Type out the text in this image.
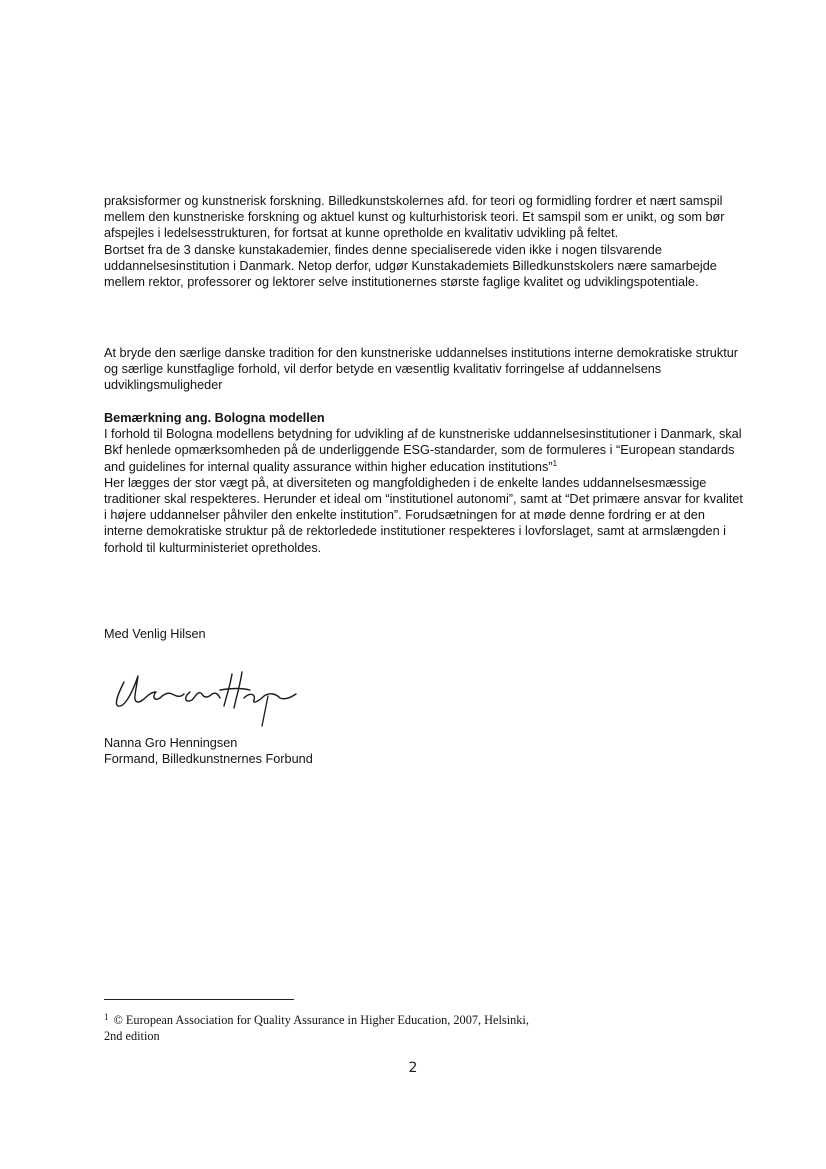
praksisformer og kunstnerisk forskning. Billedkunstskolernes afd. for teori og formidling fordrer et nært samspil mellem den kunstneriske forskning og aktuel kunst og kulturhistorisk teori. Et samspil som er unikt, og som bør afspejles i ledelsesstrukturen, for fortsat at kunne opretholde en kvalitativ udvikling på feltet.

Bortset fra de 3 danske kunstakademier, findes denne specialiserede viden ikke i nogen tilsvarende uddannelsesinstitution i Danmark. Netop derfor, udgør Kunstakademiets Billedkunstskolers nære samarbejde mellem rektor, professorer og lektorer selve institutionernes største faglige kvalitet og udviklingspotentiale.

At bryde den særlige danske tradition for den kunstneriske uddannelses institutions interne demokratiske struktur og særlige kunstfaglige forhold, vil derfor betyde en væsentlig kvalitativ forringelse af uddannelsens udviklingsmuligheder

Bemærkning ang. Bologna modellen

I forhold til Bologna modellens betydning for udvikling af de kunstneriske uddannelsesinstitutioner i Danmark, skal Bkf henlede opmærksomheden på de underliggende ESG-standarder, som de formuleres i “European standards and guidelines for internal quality assurance within higher education institutions”$^1$

Her lægges der stor vægt på, at diversiteten og mangfoldigheden i de enkelte landes uddannelsesmæssige traditioner skal respekteres. Herunder et ideal om “institutionel autonomi”, samt at “Det primære ansvar for kvalitet i højere uddannelser påhviler den enkelte institution”. Forudsætningen for at møde denne fordring er at den interne demokratiske struktur på de rektorledede institutioner respekteres i lovforslaget, samt at armslængden i forhold til kulturministeriet opretholdes.

Med Venlig Hilsen

Nanna Gro Henningsen

Formand, Billedkunstnernes Forbund

$^1$ © European Association for Quality Assurance in Higher Education, 2007, Helsinki,
2nd edition
2
